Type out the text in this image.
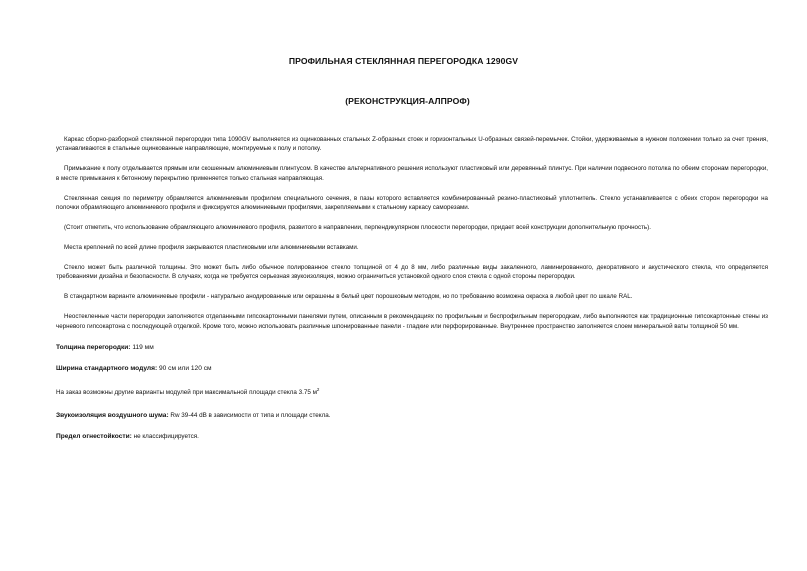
ПРОФИЛЬНАЯ СТЕКЛЯННАЯ ПЕРЕГОРОДКА 1290GV
(РЕКОНСТРУКЦИЯ-АЛПРОФ)

Каркас сборно-разборной стеклянной перегородки типа 1090GV выполняется из оцинкованных стальных Z-образных стоек и горизонтальных U-образных связей-перемычек. Стойки, удерживаемые в нужном положении только за счет трения, устанавливаются в стальные оцинкованные направляющие, монтируемые к полу и потолку.

Примыкание к полу отделывается прямым или скошенным алюминиевым плинтусом. В качестве альтернативного решения используют пластиковый или деревянный плинтус. При наличии подвесного потолка по обеим сторонам перегородки, в месте примыкания к бетонному перекрытию применяется только стальная направляющая.

Стеклянная секция по периметру обрамляется алюминиевым профилем специального сечения, в пазы которого вставляется комбинированный резино-пластиковый уплотнитель. Стекло устанавливается с обеих сторон перегородки на полочки обрамляющего алюминиевого профиля и фиксируется алюминиевыми профилями, закрепляемыми к стальному каркасу саморезами.

(Стоит отметить, что использование обрамляющего алюминиевого профиля, развитого в направлении, перпендикулярном плоскости перегородки, придает всей конструкции дополнительную прочность).

Места креплений по всей длине профиля закрываются пластиковыми или алюминиевыми вставками.

Стекло может быть различной толщины. Это может быть либо обычное полированное стекло толщиной от 4 до 8 мм, либо различные виды закаленного, ламинированного, декоративного и акустического стекла, что определяется требованиями дизайна и безопасности. В случаях, когда не требуется серьезная звукоизоляция, можно ограничиться установкой одного слоя стекла с одной стороны перегородки.

В стандартном варианте алюминиевые профили - натурально анодированные или окрашены в белый цвет порошковым методом, но по требованию возможна окраска в любой цвет по шкале RAL.

Неостекленные части перегородки заполняются отделанными гипсокартонными панелями путем, описанным в рекомендациях по профильным и беспрофильным перегородкам, либо выполняются как традиционные гипсокартонные стены из черневого гипсокартона с последующей отделкой. Кроме того, можно использовать различные шпонированные панели - гладкие или перфорированные. Внутреннее пространство заполняется слоем минеральной ваты толщиной 50 мм.

Толщина перегородки: 119 мм
Ширина стандартного модуля: 90 см или 120 см
На заказ возможны другие варианты модулей при максимальной площади стекла 3.75 $м^2$
Звукоизоляция воздушного шума: Rw 39-44 dB в зависимости от типа и площади стекла.
Предел огнестойкости: не классифицируется.
